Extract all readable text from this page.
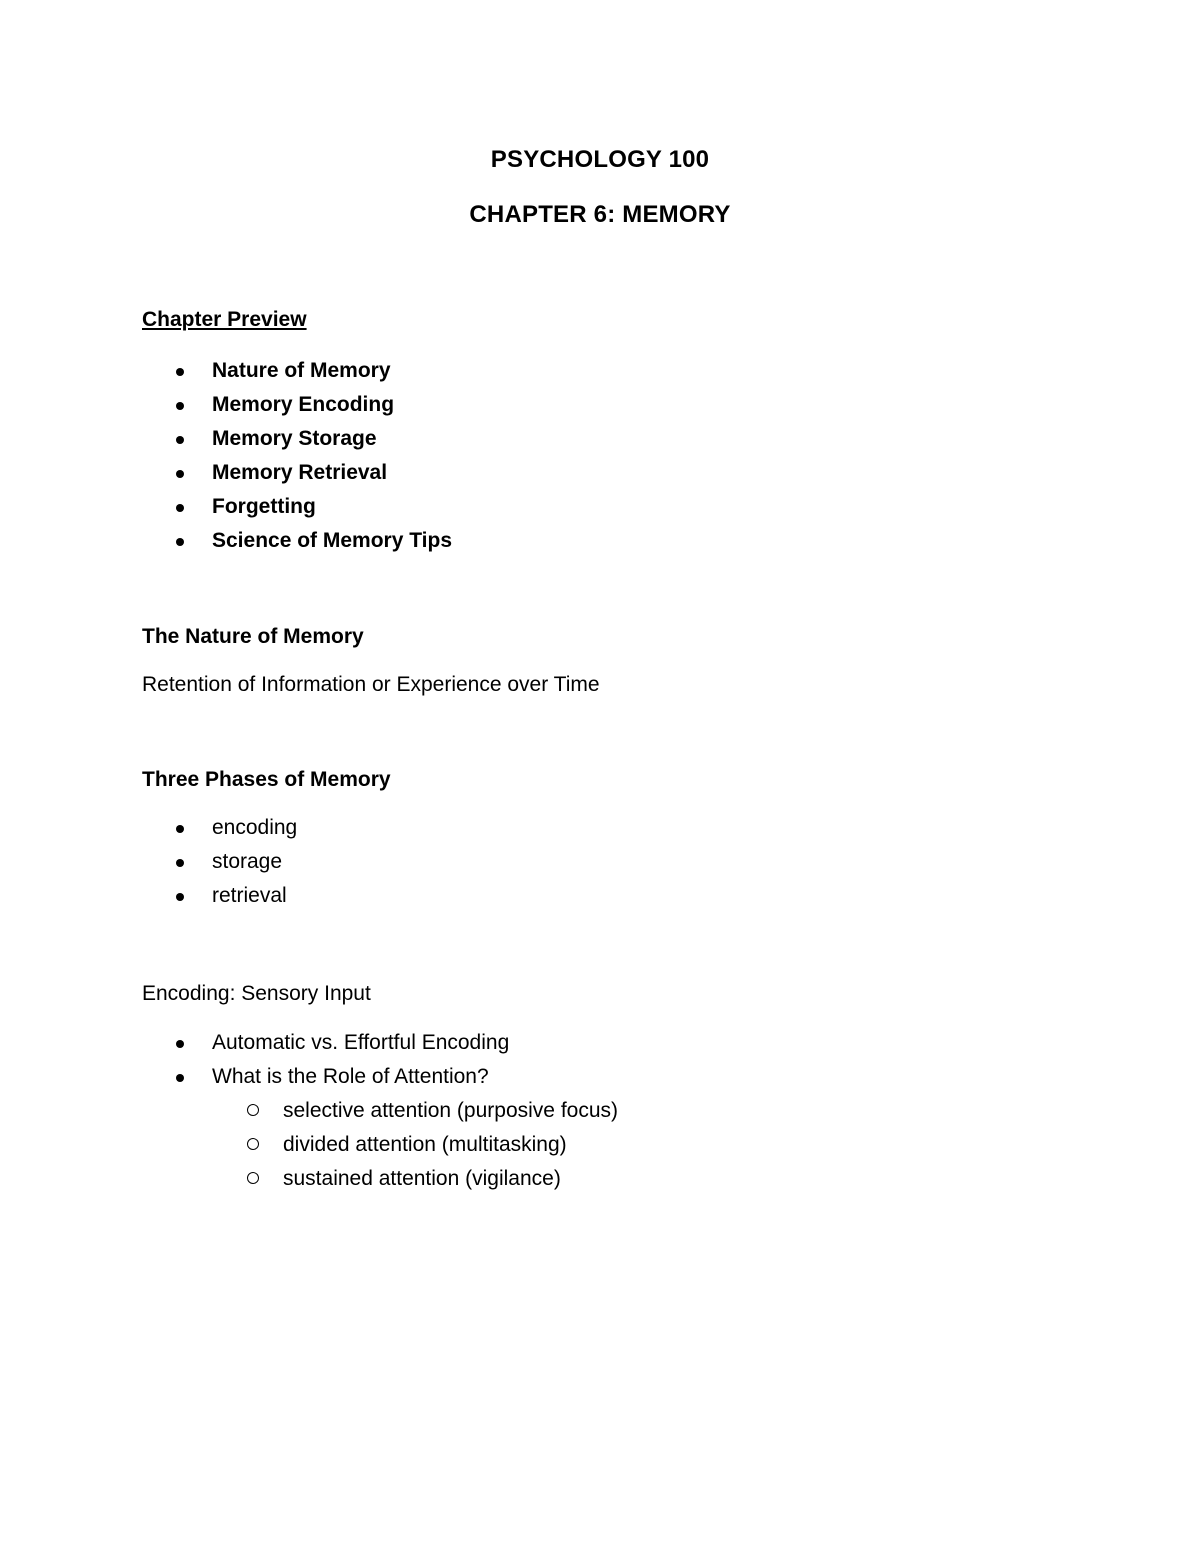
PSYCHOLOGY 100
CHAPTER 6: MEMORY
Chapter Preview
Nature of Memory
Memory Encoding
Memory Storage
Memory Retrieval
Forgetting
Science of Memory Tips
The Nature of Memory
Retention of Information or Experience over Time
Three Phases of Memory
encoding
storage
retrieval
Encoding: Sensory Input
Automatic vs. Effortful Encoding
What is the Role of Attention?
selective attention (purposive focus)
divided attention (multitasking)
sustained attention (vigilance)
